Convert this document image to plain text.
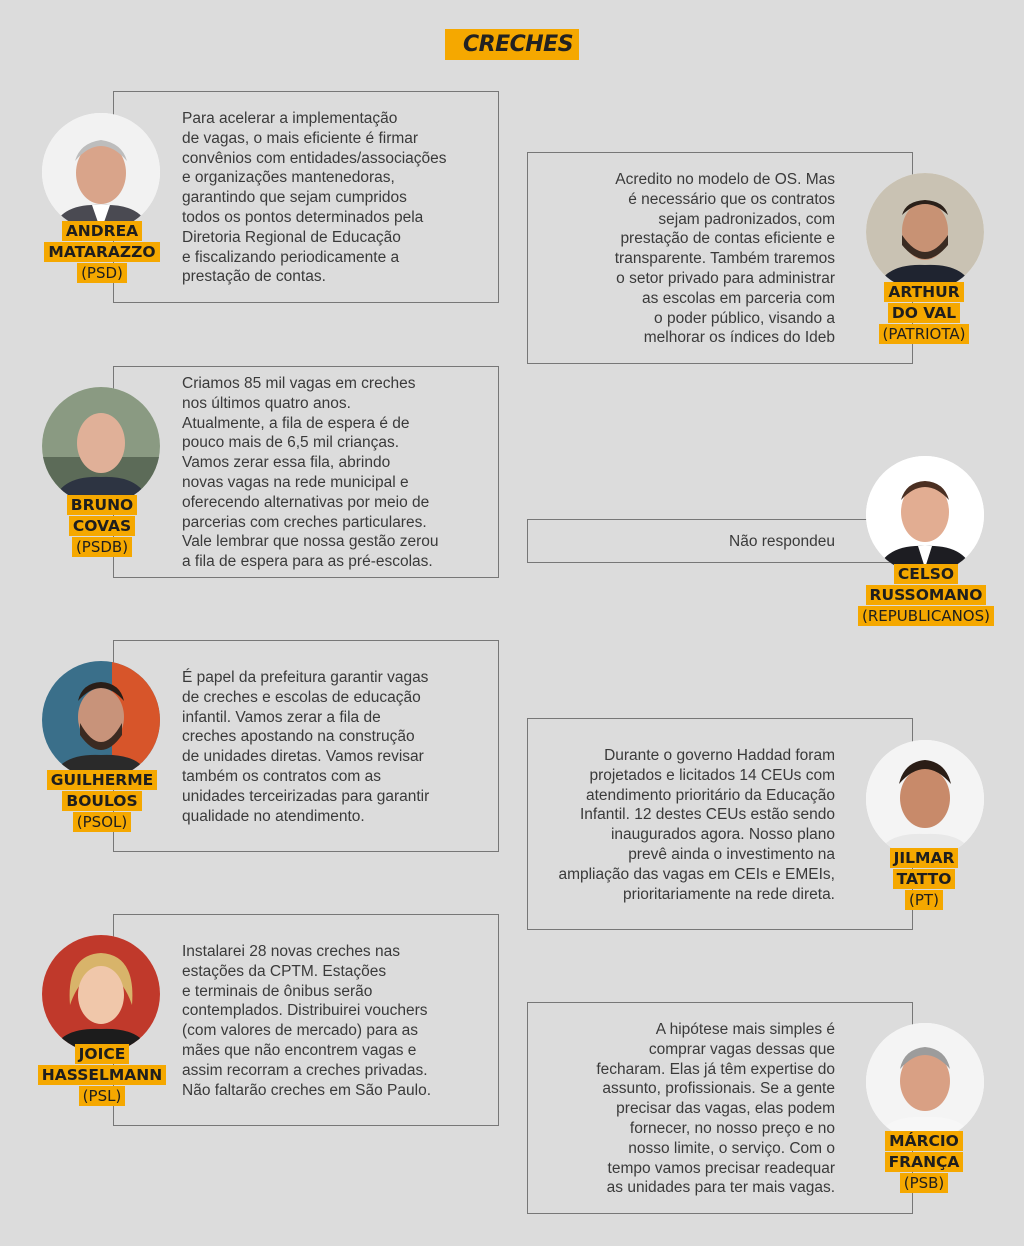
CRECHES
Para acelerar a implementação
de vagas, o mais eficiente é firmar
convênios com entidades/associações
e organizações mantenedoras,
garantindo que sejam cumpridos
todos os pontos determinados pela
Diretoria Regional de Educação
e fiscalizando periodicamente a
prestação de contas.
ANDREA
MATARAZZO
(PSD)
Acredito no modelo de OS. Mas
é necessário que os contratos
sejam padronizados, com
prestação de contas eficiente e
transparente. Também traremos
o setor privado para administrar
as escolas em parceria com
o poder público, visando a
melhorar os índices do Ideb
ARTHUR
DO VAL
(PATRIOTA)
Criamos 85 mil vagas em creches
nos últimos quatro anos.
Atualmente, a fila de espera é de
pouco mais de 6,5 mil crianças.
Vamos zerar essa fila, abrindo
novas vagas na rede municipal e
oferecendo alternativas por meio de
parcerias com creches particulares.
Vale lembrar que nossa gestão zerou
a fila de espera para as pré-escolas.
BRUNO
COVAS
(PSDB)	Não respondeu
CELSO
RUSSOMANO
(REPUBLICANOS)
É papel da prefeitura garantir vagas
de creches e escolas de educação
infantil. Vamos zerar a fila de
creches apostando na construção
de unidades diretas. Vamos revisar
também os contratos com as
unidades terceirizadas para garantir
qualidade no atendimento.
GUILHERME
BOULOS
(PSOL)
Durante o governo Haddad foram
projetados e licitados 14 CEUs com
atendimento prioritário da Educação
Infantil. 12 destes CEUs estão sendo
inaugurados agora. Nosso plano
prevê ainda o investimento na
ampliação das vagas em CEIs e EMEIs,
prioritariamente na rede direta.
JILMAR
TATTO
(PT)
Instalarei 28 novas creches nas
estações da CPTM. Estações
e terminais de ônibus serão
contemplados. Distribuirei vouchers
(com valores de mercado) para as
mães que não encontrem vagas e
assim recorram a creches privadas.
Não faltarão creches em São Paulo.
JOICE
HASSELMANN
(PSL)
A hipótese mais simples é
comprar vagas dessas que
fecharam. Elas já têm expertise do
assunto, profissionais. Se a gente
precisar das vagas, elas podem
fornecer, no nosso preço e no
nosso limite, o serviço. Com o
tempo vamos precisar readequar
as unidades para ter mais vagas.
MÁRCIO
FRANÇA
(PSB)
